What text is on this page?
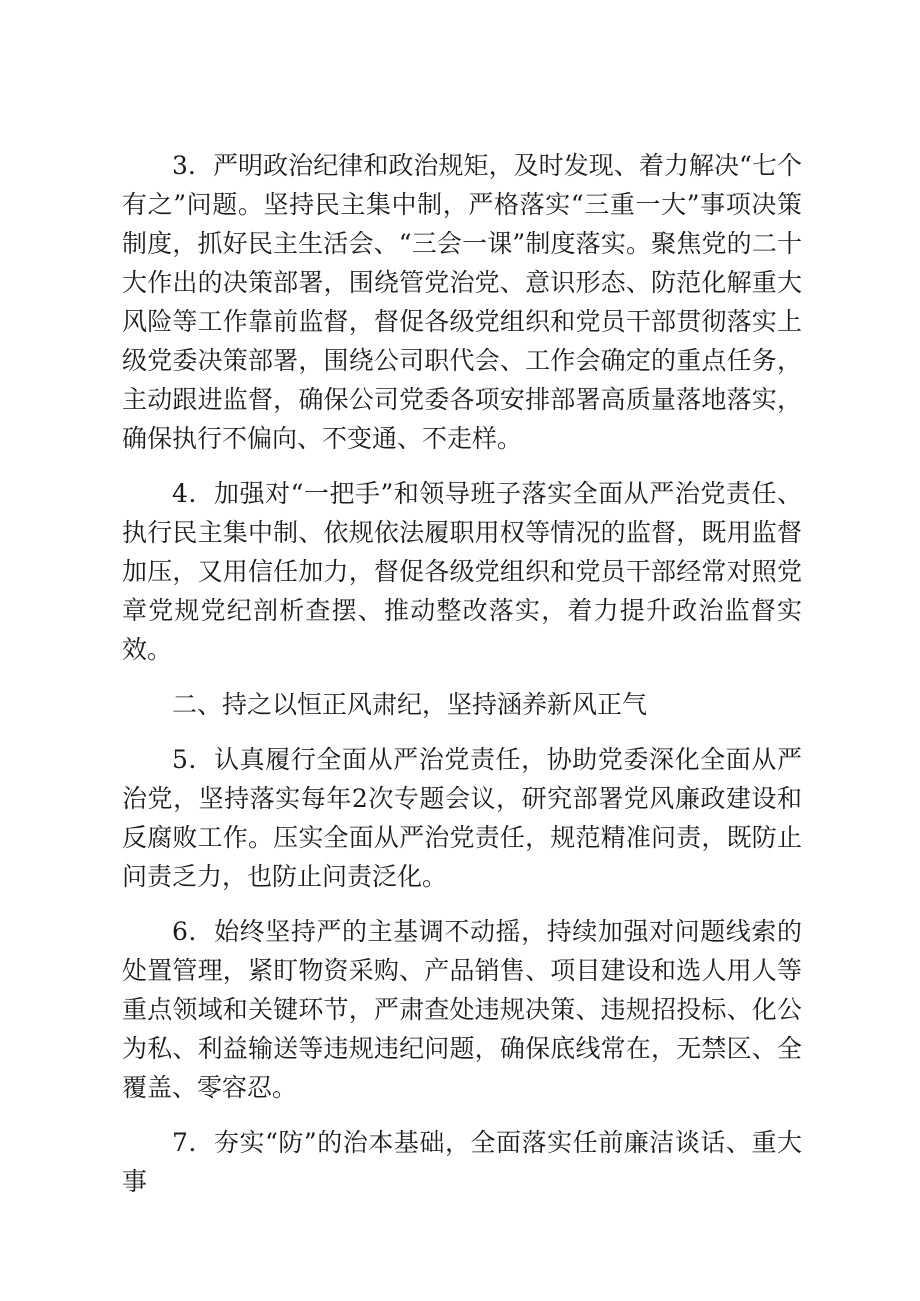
3．严明政治纪律和政治规矩，及时发现、着力解决“七个有之”问题。坚持民主集中制，严格落实“三重一大”事项决策制度，抓好民主生活会、“三会一课”制度落实。聚焦党的二十大作出的决策部署，围绕管党治党、意识形态、防范化解重大风险等工作靠前监督，督促各级党组织和党员干部贯彻落实上级党委决策部署，围绕公司职代会、工作会确定的重点任务，主动跟进监督，确保公司党委各项安排部署高质量落地落实，确保执行不偏向、不变通、不走样。

4．加强对“一把手”和领导班子落实全面从严治党责任、执行民主集中制、依规依法履职用权等情况的监督，既用监督加压，又用信任加力，督促各级党组织和党员干部经常对照党章党规党纪剖析查摆、推动整改落实，着力提升政治监督实效。

二、持之以恒正风肃纪，坚持涵养新风正气

5．认真履行全面从严治党责任，协助党委深化全面从严治党，坚持落实每年2次专题会议，研究部署党风廉政建设和反腐败工作。压实全面从严治党责任，规范精准问责，既防止问责乏力，也防止问责泛化。

6．始终坚持严的主基调不动摇，持续加强对问题线索的处置管理，紧盯物资采购、产品销售、项目建设和选人用人等重点领域和关键环节，严肃查处违规决策、违规招投标、化公为私、利益输送等违规违纪问题，确保底线常在，无禁区、全覆盖、零容忍。

7．夯实“防”的治本基础，全面落实任前廉洁谈话、重大事
